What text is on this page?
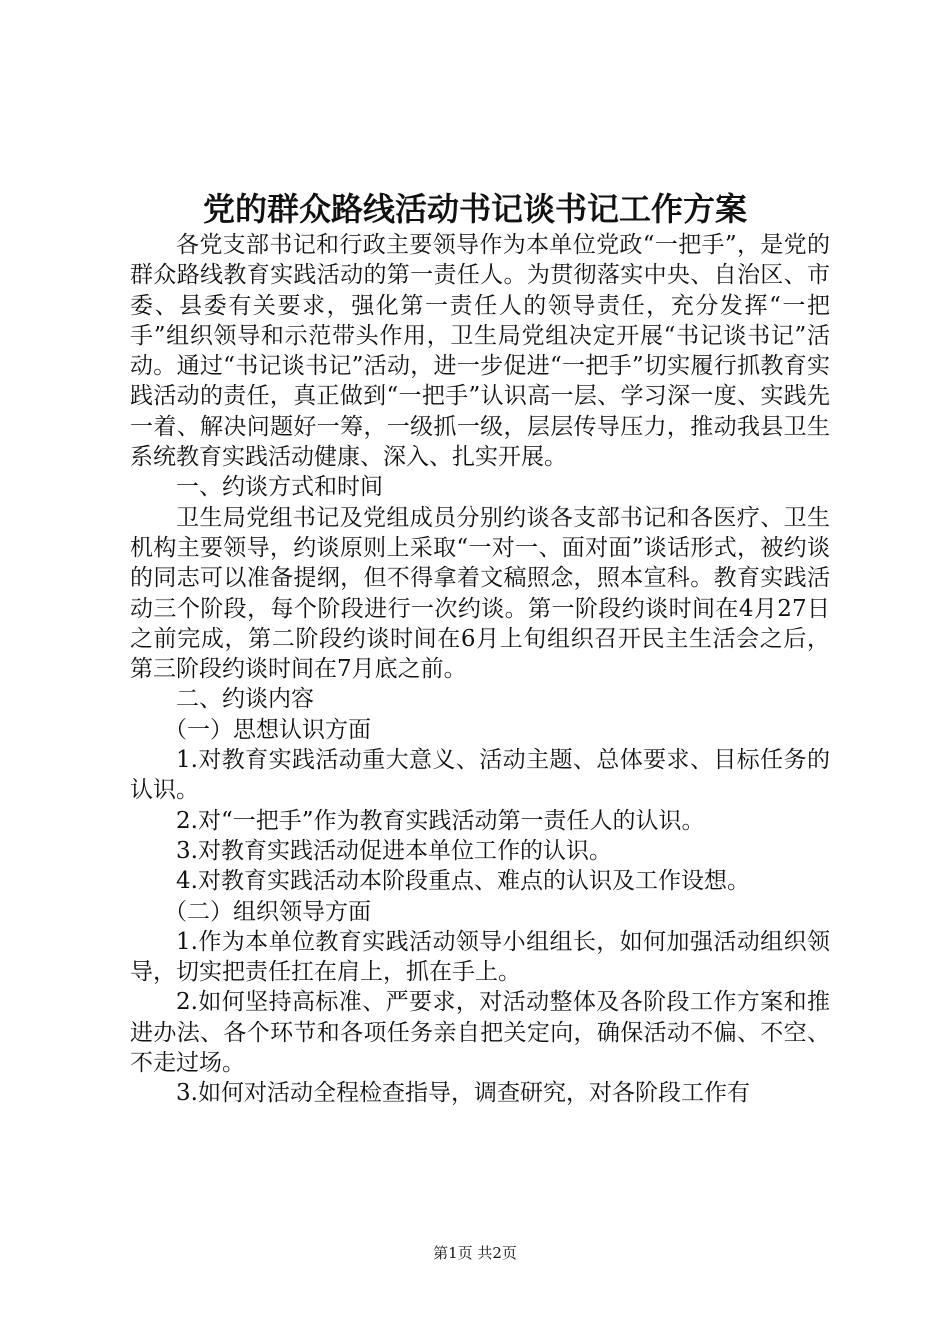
党的群众路线活动书记谈书记工作方案

各党支部书记和行政主要领导作为本单位党政“一把手”，是党的群众路线教育实践活动的第一责任人。为贯彻落实中央、自治区、市委、县委有关要求，强化第一责任人的领导责任，充分发挥“一把手”组织领导和示范带头作用，卫生局党组决定开展“书记谈书记”活动。通过“书记谈书记”活动，进一步促进“一把手”切实履行抓教育实践活动的责任，真正做到“一把手”认识高一层、学习深一度、实践先一着、解决问题好一筹，一级抓一级，层层传导压力，推动我县卫生系统教育实践活动健康、深入、扎实开展。

一、约谈方式和时间

卫生局党组书记及党组成员分别约谈各支部书记和各医疗、卫生机构主要领导，约谈原则上采取“一对一、面对面”谈话形式，被约谈的同志可以准备提纲，但不得拿着文稿照念，照本宣科。教育实践活动三个阶段，每个阶段进行一次约谈。第一阶段约谈时间在4月27日之前完成，第二阶段约谈时间在6月上旬组织召开民主生活会之后，第三阶段约谈时间在7月底之前。

二、约谈内容

（一）思想认识方面

1.对教育实践活动重大意义、活动主题、总体要求、目标任务的认识。

2.对“一把手”作为教育实践活动第一责任人的认识。

3.对教育实践活动促进本单位工作的认识。

4.对教育实践活动本阶段重点、难点的认识及工作设想。

（二）组织领导方面

1.作为本单位教育实践活动领导小组组长，如何加强活动组织领导，切实把责任扛在肩上，抓在手上。

2.如何坚持高标准、严要求，对活动整体及各阶段工作方案和推进办法、各个环节和各项任务亲自把关定向，确保活动不偏、不空、不走过场。

3.如何对活动全程检查指导，调查研究，对各阶段工作有

第1页 共2页
